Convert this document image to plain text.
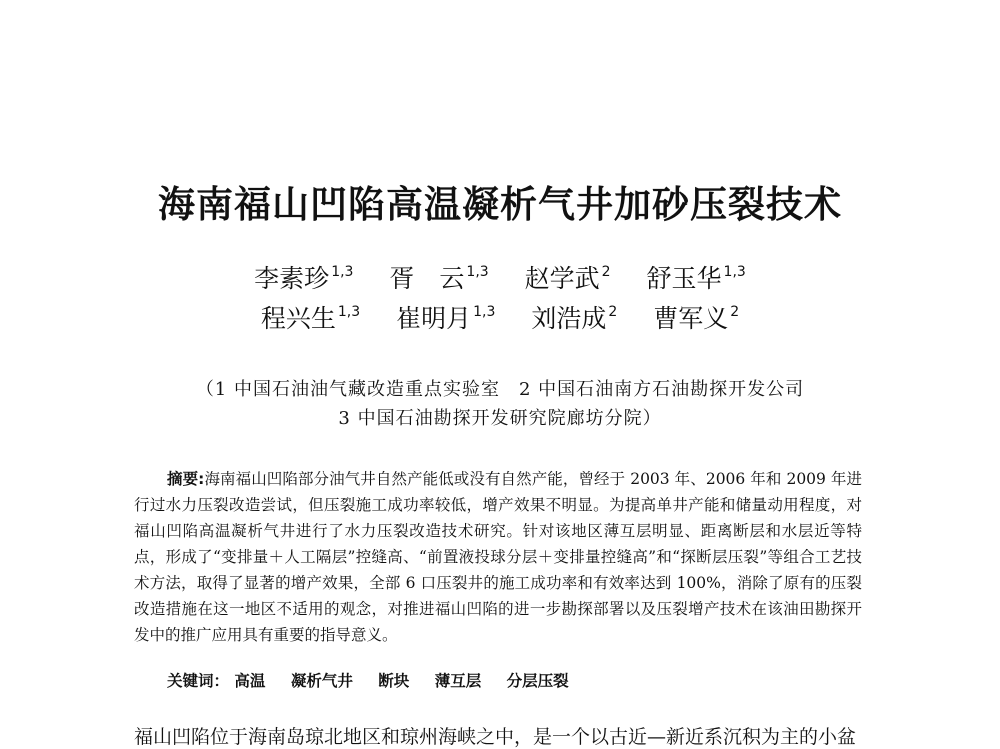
海南福山凹陷高温凝析气井加砂压裂技术
李素珍 $^{1,3}$ 胥　云 $^{1,3}$ 赵学武 $^2$ 舒玉华 $^{1,3}$
程兴生 $^{1,3}$ 崔明月 $^{1,3}$ 刘浩成 $^2$ 曹军义 $^2$
（1 中国石油油气藏改造重点实验室　2 中国石油南方石油勘探开发公司
3 中国石油勘探开发研究院廊坊分院）
摘要:海南福山凹陷部分油气井自然产能低或没有自然产能，曾经于 2003 年、2006 年和 2009 年进行过水力压裂改造尝试，但压裂施工成功率较低，增产效果不明显。为提高单井产能和储量动用程度，对福山凹陷高温凝析气井进行了水力压裂改造技术研究。针对该地区薄互层明显、距离断层和水层近等特点，形成了“变排量＋人工隔层”控缝高、“前置液投球分层＋变排量控缝高”和“探断层压裂”等组合工艺技术方法，取得了显著的增产效果，全部 6 口压裂井的施工成功率和有效率达到 100%，消除了原有的压裂改造措施在这一地区不适用的观念，对推进福山凹陷的进一步勘探部署以及压裂增产技术在该油田勘探开发中的推广应用具有重要的指导意义。
关键词： 高温 凝析气井 断块 薄互层 分层压裂
福山凹陷位于海南岛琼北地区和琼州海峡之中，是一个以古近—新近系沉积为主的小盆
